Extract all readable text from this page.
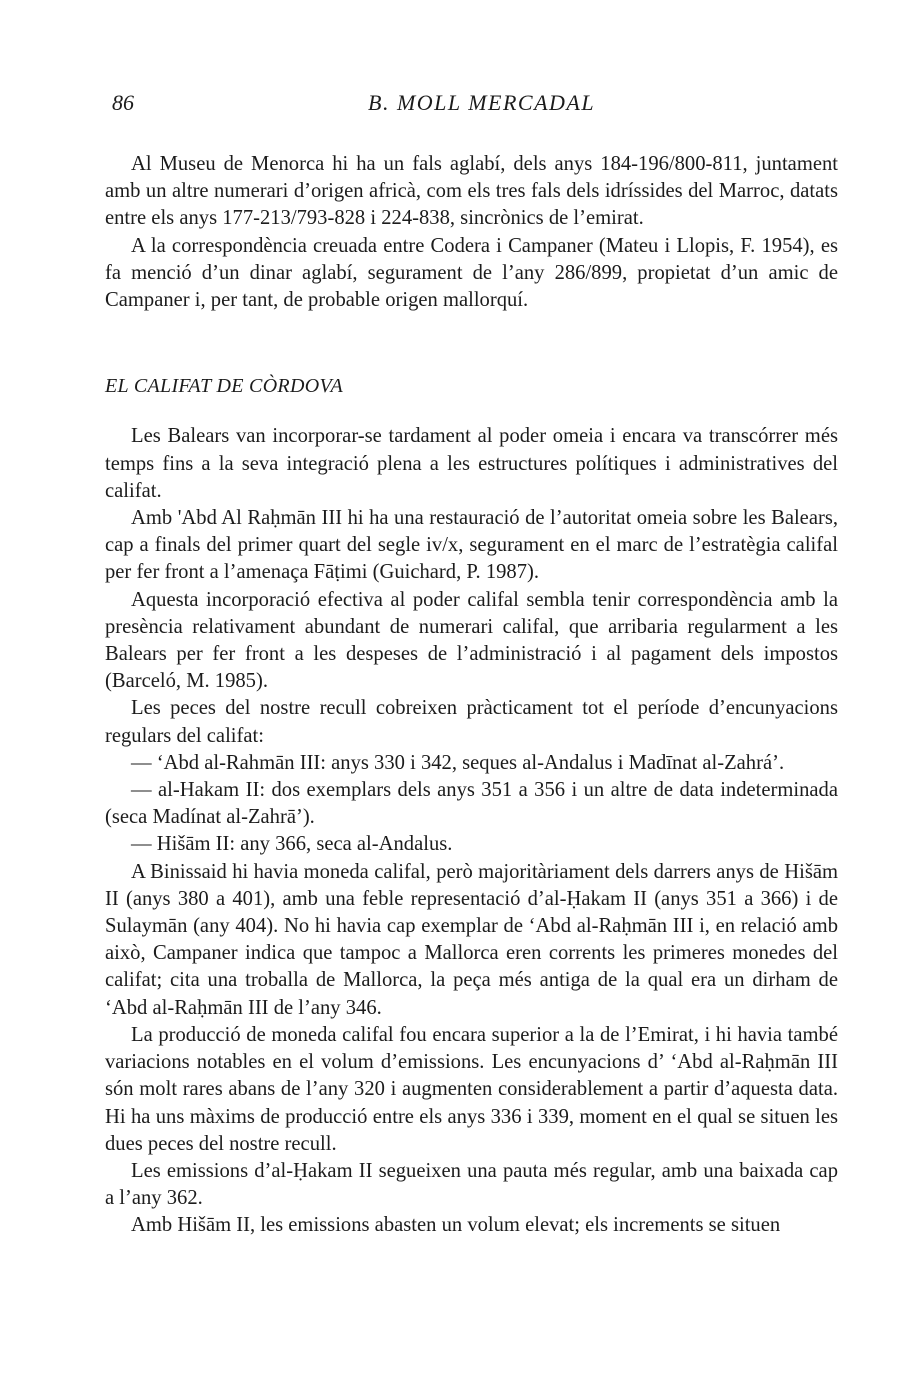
86	B. MOLL MERCADAL

Al Museu de Menorca hi ha un fals aglabí, dels anys 184-196/800-811, juntament amb un altre numerari d’origen africà, com els tres fals dels idríssides del Marroc, datats entre els anys 177-213/793-828 i 224-838, sincrònics de l’emirat.

A la correspondència creuada entre Codera i Campaner (Mateu i Llopis, F. 1954), es fa menció d’un dinar aglabí, segurament de l’any 286/899, propietat d’un amic de Campaner i, per tant, de probable origen mallorquí.

EL CALIFAT DE CÒRDOVA

Les Balears van incorporar-se tardament al poder omeia i encara va transcórrer més temps fins a la seva integració plena a les estructures polítiques i administratives del califat.

Amb 'Abd Al Raḥmān III hi ha una restauració de l’autoritat omeia sobre les Balears, cap a finals del primer quart del segle iv/x, segurament en el marc de l’estratègia califal per fer front a l’amenaça Fāṭimi (Guichard, P. 1987).

Aquesta incorporació efectiva al poder califal sembla tenir correspondència amb la presència relativament abundant de numerari califal, que arribaria regularment a les Balears per fer front a les despeses de l’administració i al pagament dels impostos (Barceló, M. 1985).

Les peces del nostre recull cobreixen pràcticament tot el període d’encunyacions regulars del califat:

— ‘Abd al-Rahmān III: anys 330 i 342, seques al-Andalus i Madīnat al-Zahrá’.

— al-Hakam II: dos exemplars dels anys 351 a 356 i un altre de data indeterminada (seca Madínat al-Zahrā’).

— Hišām II: any 366, seca al-Andalus.

A Binissaid hi havia moneda califal, però majoritàriament dels darrers anys de Hišām II (anys 380 a 401), amb una feble representació d’al-Ḥakam II (anys 351 a 366) i de Sulaymān (any 404). No hi havia cap exemplar de ‘Abd al-Raḥmān III i, en relació amb això, Campaner indica que tampoc a Mallorca eren corrents les primeres monedes del califat; cita una troballa de Mallorca, la peça més antiga de la qual era un dirham de ‘Abd al-Raḥmān III de l’any 346.

La producció de moneda califal fou encara superior a la de l’Emirat, i hi havia també variacions notables en el volum d’emissions. Les encunyacions d’ ‘Abd al-Raḥmān III són molt rares abans de l’any 320 i augmenten considerablement a partir d’aquesta data. Hi ha uns màxims de producció entre els anys 336 i 339, moment en el qual se situen les dues peces del nostre recull.

Les emissions d’al-Ḥakam II segueixen una pauta més regular, amb una baixada cap a l’any 362.

Amb Hišām II, les emissions abasten un volum elevat; els increments se situen
